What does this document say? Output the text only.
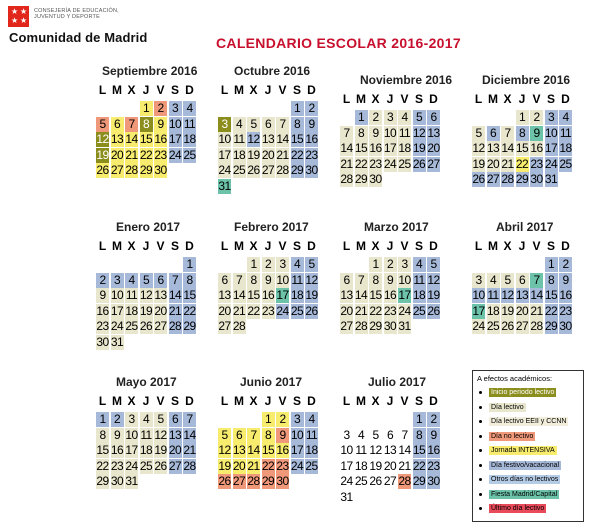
★ ★
★ ★
CONSEJERÍA DE EDUCACIÓN,
JUVENTUD Y DEPORTE
Comunidad de Madrid	CALENDARIO ESCOLAR 2016-2017
Septiembre 2016
L M X J V S D
1 2 3 4
5 6 7 8 9 10 11
12 13 14 15 16 17 18
19 20 21 22 23 24 25
26 27 28 29 30
Octubre 2016
L M X J V S D
1 2
3 4 5 6 7 8 9
10 11 12 13 14 15 16
17 18 19 20 21 22 23
24 25 26 27 28 29 30
31
Noviembre 2016
L M X J V S D
1 2 3 4 5 6
7 8 9 10 11 12 13
14 15 16 17 18 19 20
21 22 23 24 25 26 27
28 29 30
Diciembre 2016
L M X J V S D
1 2 3 4
5 6 7 8 9 10 11
12 13 14 15 16 17 18
19 20 21 22 23 24 25
26 27 28 29 30 31
Enero 2017
L M X J V S D
1
2 3 4 5 6 7 8
9 10 11 12 13 14 15
16 17 18 19 20 21 22
23 24 25 26 27 28 29
30 31
Febrero 2017
L M X J V S D
1 2 3 4 5
6 7 8 9 10 11 12
13 14 15 16 17 18 19
20 21 22 23 24 25 26
27 28
Marzo 2017
L M X J V S D
1 2 3 4 5
6 7 8 9 10 11 12
13 14 15 16 17 18 19
20 21 22 23 24 25 26
27 28 29 30 31
Abril 2017
L M X J V S D
1 2
3 4 5 6 7 8 9
10 11 12 13 14 15 16
17 18 19 20 21 22 23
24 25 26 27 28 29 30
Mayo 2017
L M X J V S D
1 2 3 4 5 6 7
8 9 10 11 12 13 14
15 16 17 18 19 20 21
22 23 24 25 26 27 28
29 30 31
Junio 2017
L M X J V S D
1 2 3 4
5 6 7 8 9 10 11
12 13 14 15 16 17 18
19 20 21 22 23 24 25
26 27 28 29 30
Julio 2017
L M X J V S D
1 2
3 4 5 6 7 8 9
10 11 12 13 14 15 16
17 18 19 20 21 22 23
24 25 26 27 28 29 30
31
A efectos académicos:
Inicio periodo lectivo
Día lectivo
Día lectivo EEII y CCNN
Día no lectivo
Jornada INTENSIVA
Día festivo/vacacional
Otros días no lectivos
Fiesta Madrid/Capital
Último día lectivo
